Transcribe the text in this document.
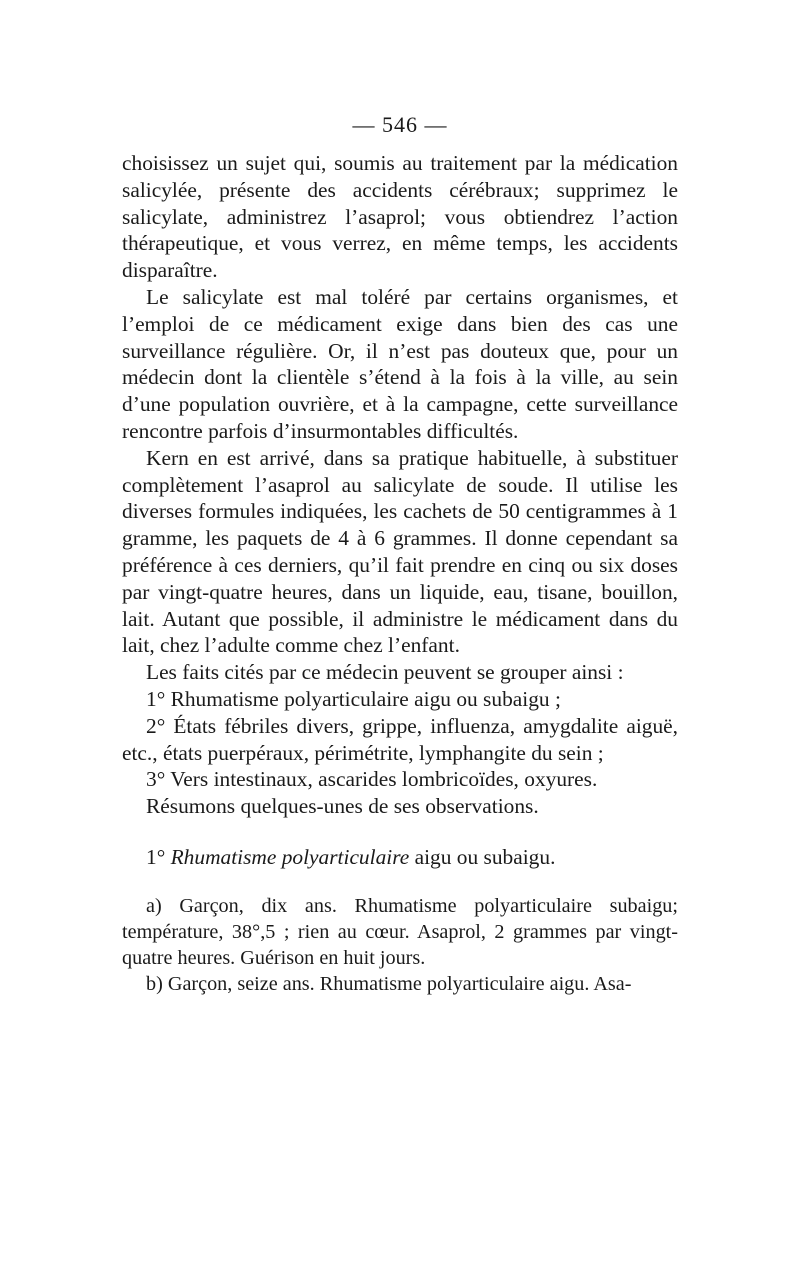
— 546 —

choisissez un sujet qui, soumis au traitement par la médication salicylée, présente des accidents cérébraux; supprimez le salicylate, administrez l’asaprol; vous obtiendrez l’action thérapeutique, et vous verrez, en même temps, les accidents disparaître.

Le salicylate est mal toléré par certains organismes, et l’emploi de ce médicament exige dans bien des cas une surveillance régulière. Or, il n’est pas douteux que, pour un médecin dont la clientèle s’étend à la fois à la ville, au sein d’une population ouvrière, et à la campagne, cette surveillance rencontre parfois d’insurmontables difficultés.

Kern en est arrivé, dans sa pratique habituelle, à substituer complètement l’asaprol au salicylate de soude. Il utilise les diverses formules indiquées, les cachets de 50 centigrammes à 1 gramme, les paquets de 4 à 6 grammes. Il donne cependant sa préférence à ces derniers, qu’il fait prendre en cinq ou six doses par vingt-quatre heures, dans un liquide, eau, tisane, bouillon, lait. Autant que possible, il administre le médicament dans du lait, chez l’adulte comme chez l’enfant.

Les faits cités par ce médecin peuvent se grouper ainsi :

1° Rhumatisme polyarticulaire aigu ou subaigu ;

2° États fébriles divers, grippe, influenza, amygdalite aiguë, etc., états puerpéraux, périmétrite, lymphangite du sein ;

3° Vers intestinaux, ascarides lombricoïdes, oxyures.

Résumons quelques-unes de ses observations.

1° Rhumatisme polyarticulaire aigu ou subaigu.

a) Garçon, dix ans. Rhumatisme polyarticulaire subaigu; température, 38°,5 ; rien au cœur. Asaprol, 2 grammes par vingt-quatre heures. Guérison en huit jours.

b) Garçon, seize ans. Rhumatisme polyarticulaire aigu. Asa-
